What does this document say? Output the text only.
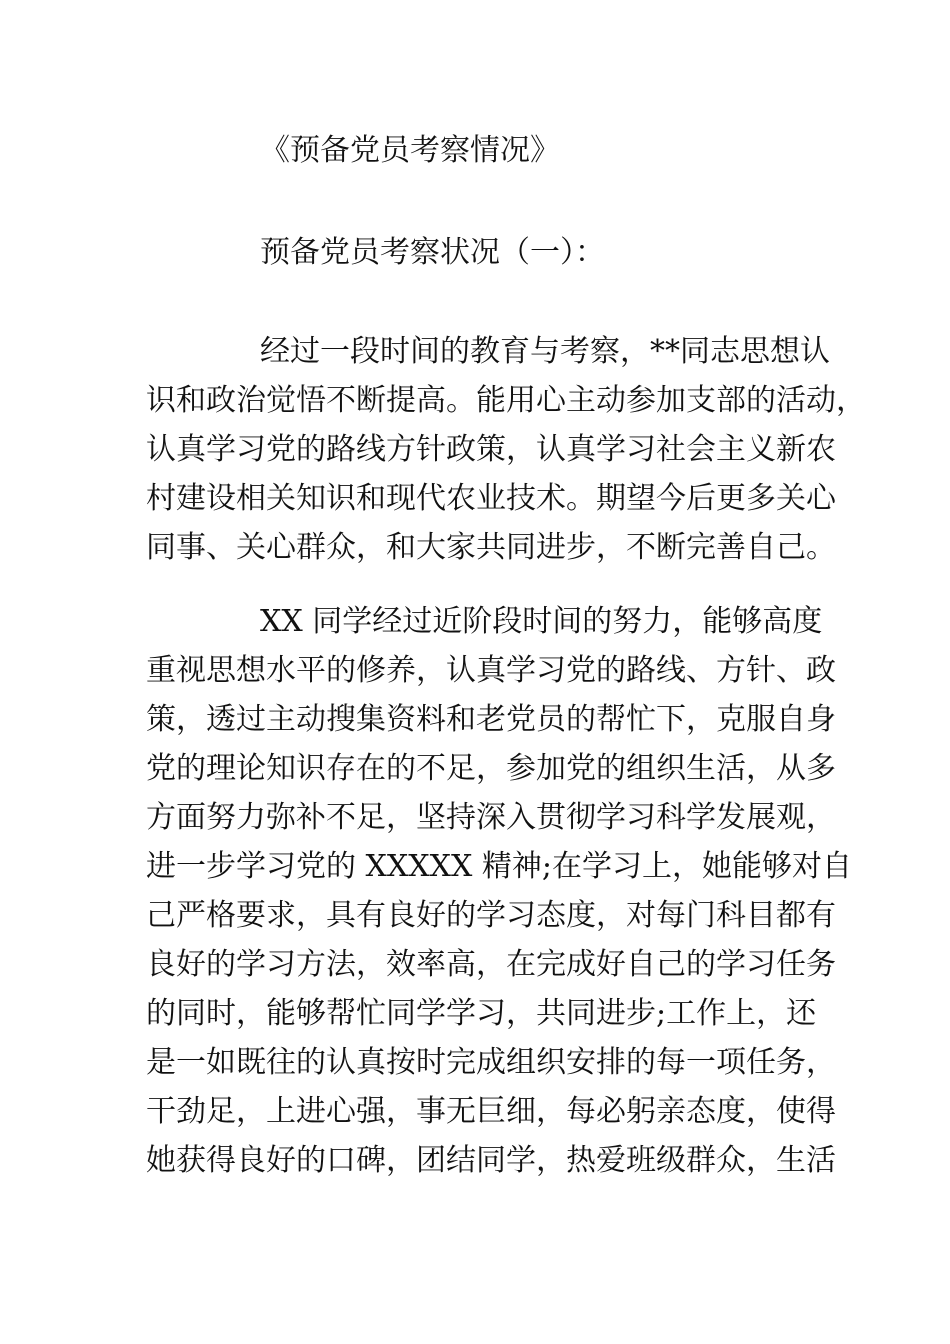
《预备党员考察情况》
预备党员考察状况（一）：
经过一段时间的教育与考察，**同志思想认
识和政治觉悟不断提高。能用心主动参加支部的活动，
认真学习党的路线方针政策，认真学习社会主义新农
村建设相关知识和现代农业技术。期望今后更多关心
同事、关心群众，和大家共同进步，不断完善自己。
XX 同学经过近阶段时间的努力，能够高度
重视思想水平的修养，认真学习党的路线、方针、政
策，透过主动搜集资料和老党员的帮忙下，克服自身
党的理论知识存在的不足，参加党的组织生活，从多
方面努力弥补不足，坚持深入贯彻学习科学发展观，
进一步学习党的 XXXXX 精神;在学习上，她能够对自
己严格要求，具有良好的学习态度，对每门科目都有
良好的学习方法，效率高，在完成好自己的学习任务
的同时，能够帮忙同学学习，共同进步;工作上，还
是一如既往的认真按时完成组织安排的每一项任务，
干劲足，上进心强，事无巨细，每必躬亲态度，使得
她获得良好的口碑，团结同学，热爱班级群众，生活
